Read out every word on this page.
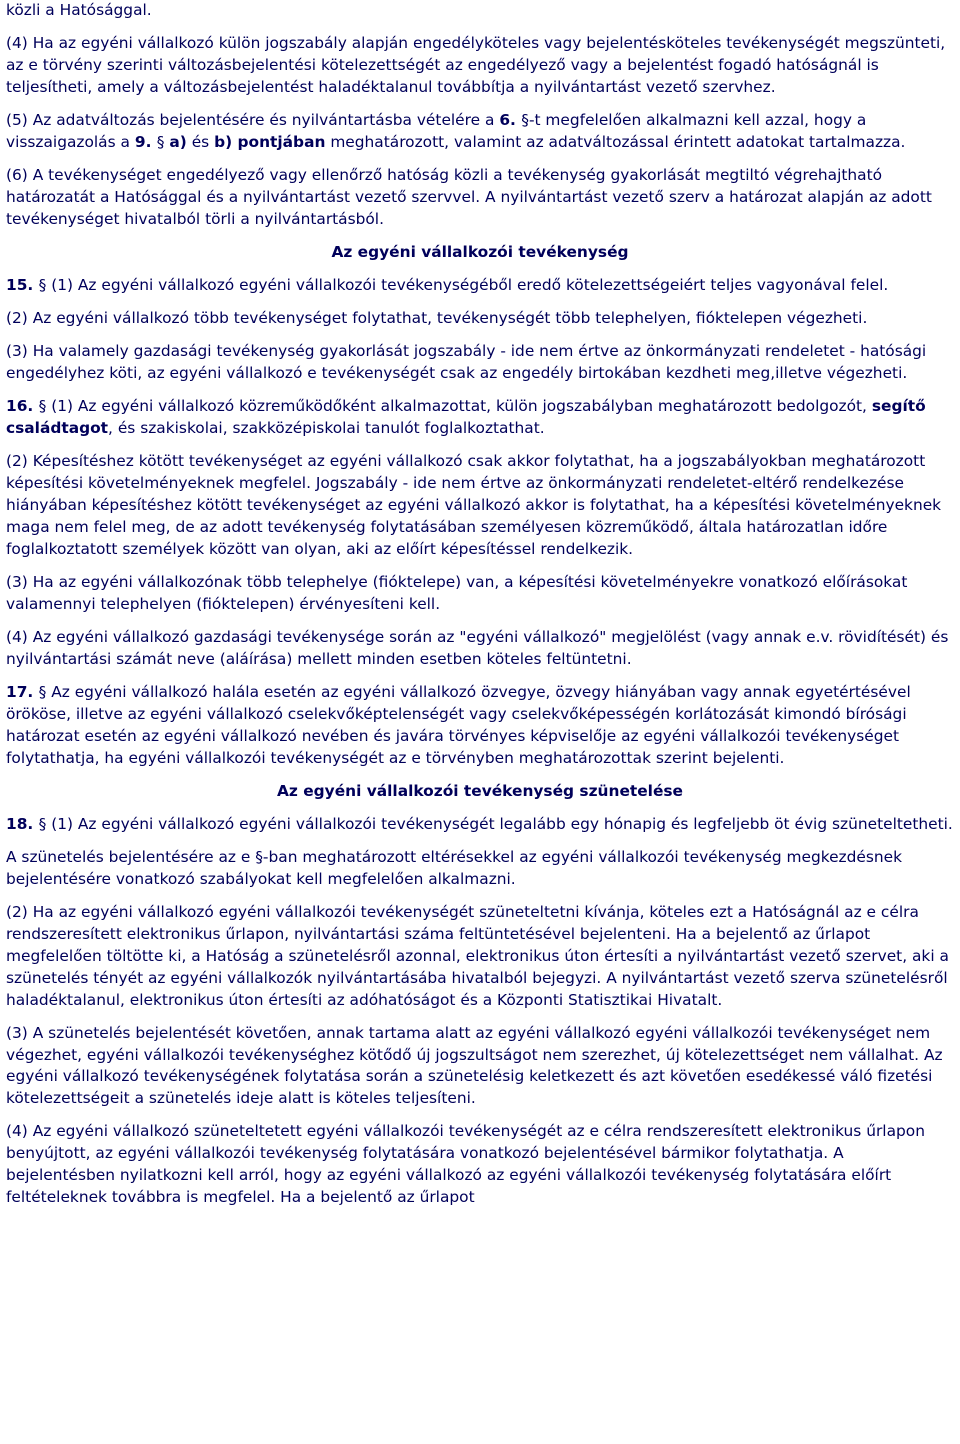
közli a Hatósággal.

(4) Ha az egyéni vállalkozó külön jogszabály alapján engedélyköteles vagy bejelentésköteles tevékenységét megszünteti, az e törvény szerinti változásbejelentési kötelezettségét az engedélyező vagy a bejelentést fogadó hatóságnál is teljesítheti, amely a változásbejelentést haladéktalanul továbbítja a nyilvántartást vezető szervhez.

(5) Az adatváltozás bejelentésére és nyilvántartásba vételére a 6. §-t megfelelően alkalmazni kell azzal, hogy a visszaigazolás a 9. § a) és b) pontjában meghatározott, valamint az adatváltozással érintett adatokat tartalmazza.

(6) A tevékenységet engedélyező vagy ellenőrző hatóság közli a tevékenység gyakorlását megtiltó végrehajtható határozatát a Hatósággal és a nyilvántartást vezető szervvel. A nyilvántartást vezető szerv a határozat alapján az adott tevékenységet hivatalból törli a nyilvántartásból.

Az egyéni vállalkozói tevékenység

15. § (1) Az egyéni vállalkozó egyéni vállalkozói tevékenységéből eredő kötelezettségeiért teljes vagyonával felel.

(2) Az egyéni vállalkozó több tevékenységet folytathat, tevékenységét több telephelyen, fióktelepen végezheti.

(3) Ha valamely gazdasági tevékenység gyakorlását jogszabály - ide nem értve az önkormányzati rendeletet - hatósági engedélyhez köti, az egyéni vállalkozó e tevékenységét csak az engedély birtokában kezdheti meg,illetve végezheti.

16. § (1) Az egyéni vállalkozó közreműködőként alkalmazottat, külön jogszabályban meghatározott bedolgozót, segítő családtagot, és szakiskolai, szakközépiskolai tanulót foglalkoztathat.

(2) Képesítéshez kötött tevékenységet az egyéni vállalkozó csak akkor folytathat, ha a jogszabályokban meghatározott képesítési követelményeknek megfelel. Jogszabály - ide nem értve az önkormányzati rendeletet-eltérő rendelkezése hiányában képesítéshez kötött tevékenységet az egyéni vállalkozó akkor is folytathat, ha a képesítési követelményeknek maga nem felel meg, de az adott tevékenység folytatásában személyesen közreműködő, általa határozatlan időre foglalkoztatott személyek között van olyan, aki az előírt képesítéssel rendelkezik.

(3) Ha az egyéni vállalkozónak több telephelye (fióktelepe) van, a képesítési követelményekre vonatkozó előírásokat valamennyi telephelyen (fióktelepen) érvényesíteni kell.

(4) Az egyéni vállalkozó gazdasági tevékenysége során az "egyéni vállalkozó" megjelölést (vagy annak e.v. rövidítését) és nyilvántartási számát neve (aláírása) mellett minden esetben köteles feltüntetni.

17. § Az egyéni vállalkozó halála esetén az egyéni vállalkozó özvegye, özvegy hiányában vagy annak egyetértésével örököse, illetve az egyéni vállalkozó cselekvőképtelenségét vagy cselekvőképességén korlátozását kimondó bírósági határozat esetén az egyéni vállalkozó nevében és javára törvényes képviselője az egyéni vállalkozói tevékenységet folytathatja, ha egyéni vállalkozói tevékenységét az e törvényben meghatározottak szerint bejelenti.

Az egyéni vállalkozói tevékenység szünetelése

18. § (1) Az egyéni vállalkozó egyéni vállalkozói tevékenységét legalább egy hónapig és legfeljebb öt évig szüneteltetheti.

A szünetelés bejelentésére az e §-ban meghatározott eltérésekkel az egyéni vállalkozói tevékenység megkezdésnek bejelentésére vonatkozó szabályokat kell megfelelően alkalmazni.

(2) Ha az egyéni vállalkozó egyéni vállalkozói tevékenységét szüneteltetni kívánja, köteles ezt a Hatóságnál az e célra rendszeresített elektronikus űrlapon, nyilvántartási száma feltüntetésével bejelenteni. Ha a bejelentő az űrlapot megfelelően töltötte ki, a Hatóság a szünetelésről azonnal, elektronikus úton értesíti a nyilvántartást vezető szervet, aki a szünetelés tényét az egyéni vállalkozók nyilvántartásába hivatalból bejegyzi. A nyilvántartást vezető szerva szünetelésről haladéktalanul, elektronikus úton értesíti az adóhatóságot és a Központi Statisztikai Hivatalt.

(3) A szünetelés bejelentését követően, annak tartama alatt az egyéni vállalkozó egyéni vállalkozói tevékenységet nem végezhet, egyéni vállalkozói tevékenységhez kötődő új jogszultságot nem szerezhet, új kötelezettséget nem vállalhat. Az egyéni vállalkozó tevékenységének folytatása során a szünetelésig keletkezett és azt követően esedékessé váló fizetési kötelezettségeit a szünetelés ideje alatt is köteles teljesíteni.

(4) Az egyéni vállalkozó szüneteltetett egyéni vállalkozói tevékenységét az e célra rendszeresített elektronikus űrlapon benyújtott, az egyéni vállalkozói tevékenység folytatására vonatkozó bejelentésével bármikor folytathatja. A bejelentésben nyilatkozni kell arról, hogy az egyéni vállalkozó az egyéni vállalkozói tevékenység folytatására előírt feltételeknek továbbra is megfelel. Ha a bejelentő az űrlapot
